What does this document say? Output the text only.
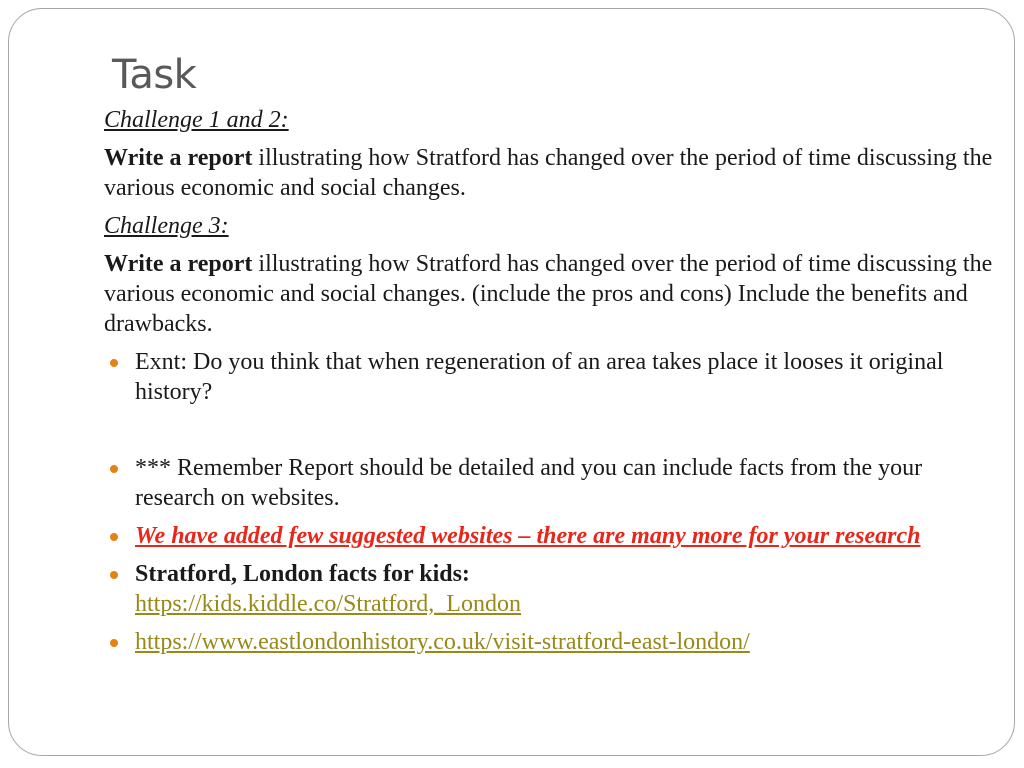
Task
Challenge 1 and 2:
Write a report illustrating how Stratford has changed over the period of time discussing the various economic and social changes.
Challenge 3:
Write a report illustrating how Stratford has changed over the period of time discussing the various economic and social changes. (include the pros and cons) Include the benefits and drawbacks.
Exnt: Do you think that when regeneration of an area takes place it looses it original history?
*** Remember Report should be detailed and you can include facts from the your research on websites.
We have added few suggested websites – there are many more for your research
Stratford, London facts for kids:
https://kids.kiddle.co/Stratford,_London
https://www.eastlondonhistory.co.uk/visit-stratford-east-london/
